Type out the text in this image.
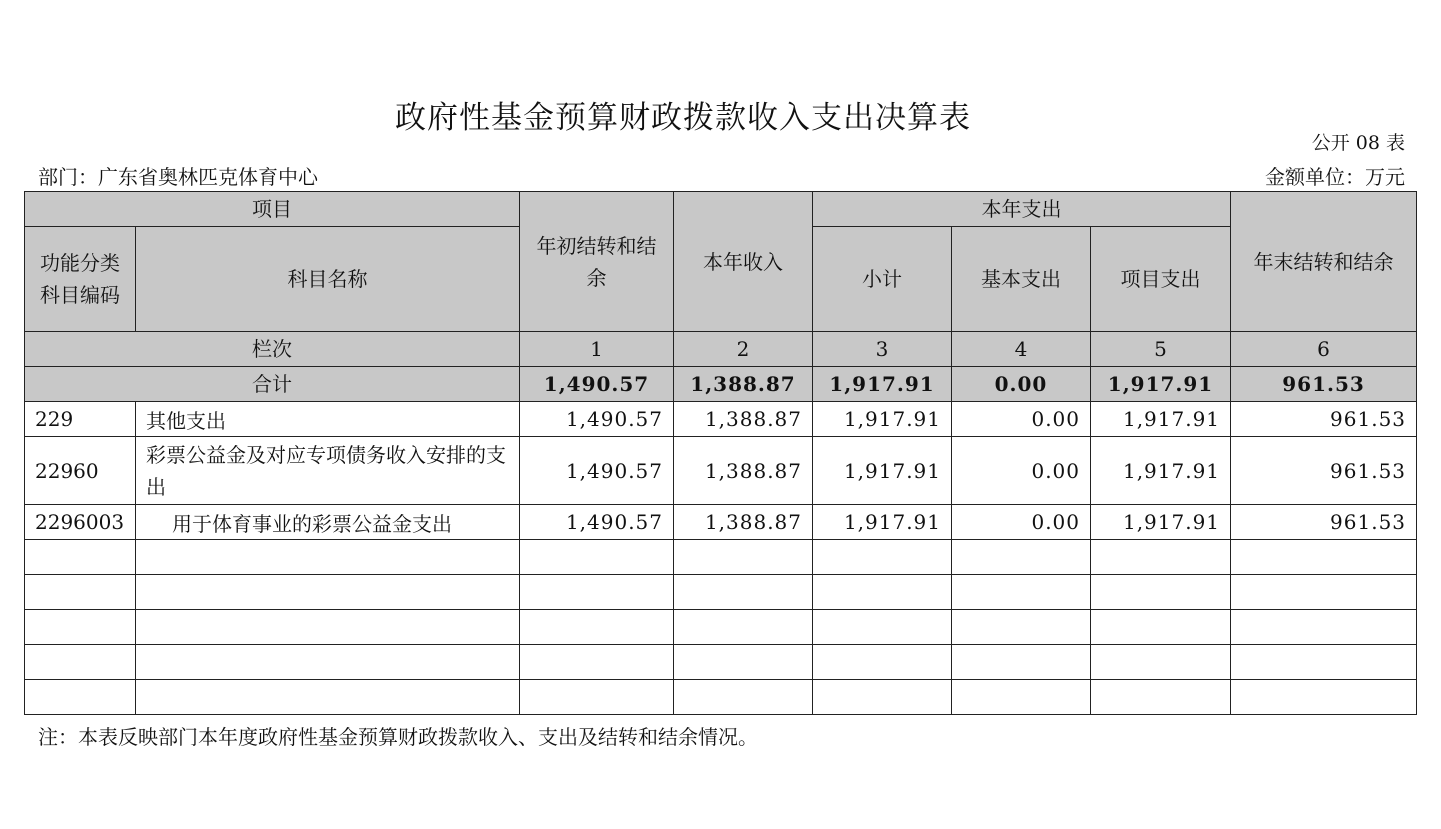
政府性基金预算财政拨款收入支出决算表
公开 08 表
部门：广东省奥林匹克体育中心	金额单位：万元
项目		年初结转和结余	本年收入	本年支出			年末结转和结余
功能分类科目编码	科目名称			小计	基本支出	项目支出	
栏次		1	2	3	4	5	6
合计		1,490.57	1,388.87	1,917.91	0.00	1,917.91	961.53
229	其他支出	1,490.57	1,388.87	1,917.91	0.00	1,917.91	961.53
22960	彩票公益金及对应专项债务收入安排的支出	1,490.57	1,388.87	1,917.91	0.00	1,917.91	961.53
2296003	用于体育事业的彩票公益金支出	1,490.57	1,388.87	1,917.91	0.00	1,917.91	961.53

注：本表反映部门本年度政府性基金预算财政拨款收入、支出及结转和结余情况。
